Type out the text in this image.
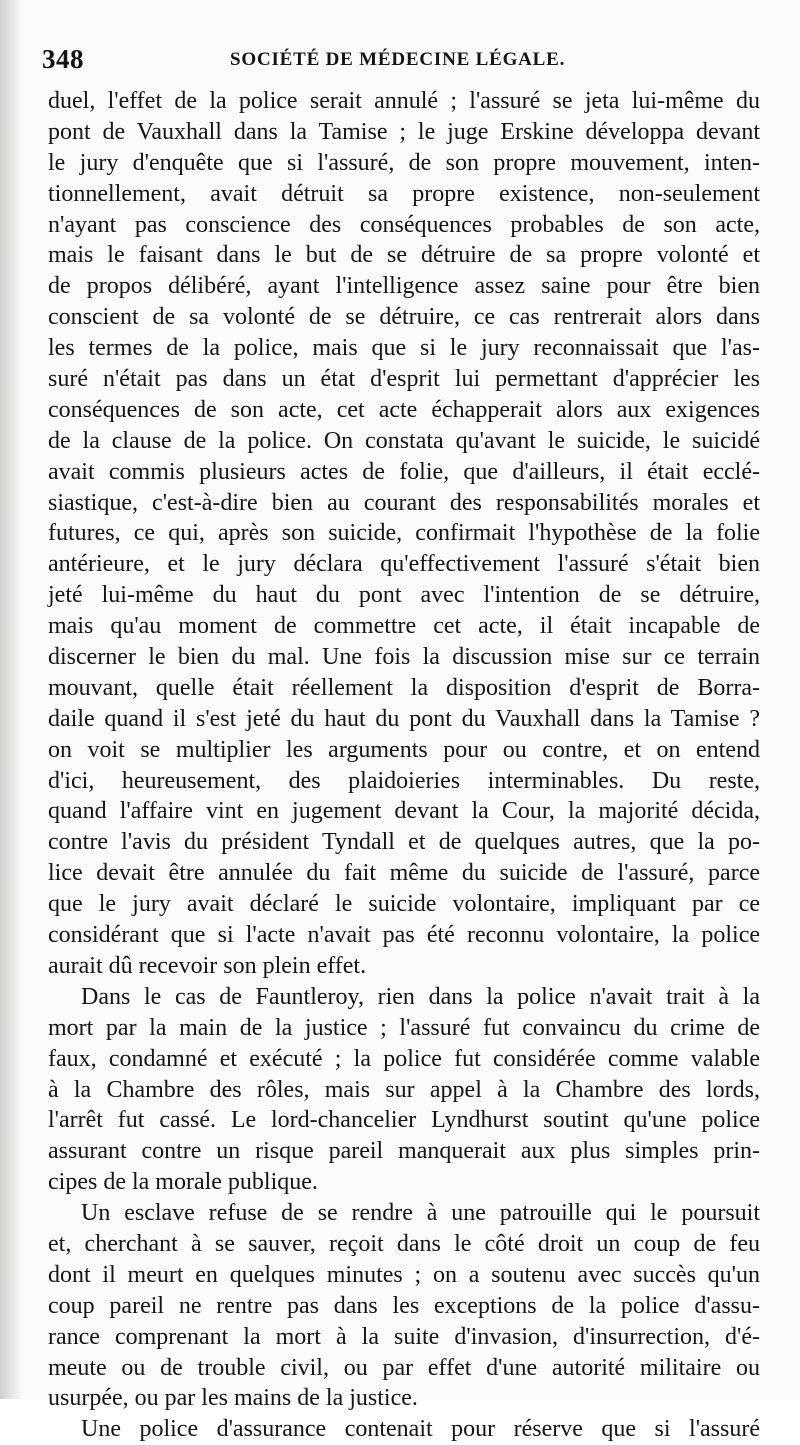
348	SOCIÉTÉ DE MÉDECINE LÉGALE.
duel, l'effet de la police serait annulé ; l'assuré se jeta lui-même du
pont de Vauxhall dans la Tamise ; le juge Erskine développa devant
le jury d'enquête que si l'assuré, de son propre mouvement, inten-
tionnellement, avait détruit sa propre existence, non-seulement
n'ayant pas conscience des conséquences probables de son acte,
mais le faisant dans le but de se détruire de sa propre volonté et
de propos délibéré, ayant l'intelligence assez saine pour être bien
conscient de sa volonté de se détruire, ce cas rentrerait alors dans
les termes de la police, mais que si le jury reconnaissait que l'as-
suré n'était pas dans un état d'esprit lui permettant d'apprécier les
conséquences de son acte, cet acte échapperait alors aux exigences
de la clause de la police. On constata qu'avant le suicide, le suicidé
avait commis plusieurs actes de folie, que d'ailleurs, il était ecclé-
siastique, c'est-à-dire bien au courant des responsabilités morales et
futures, ce qui, après son suicide, confirmait l'hypothèse de la folie
antérieure, et le jury déclara qu'effectivement l'assuré s'était bien
jeté lui-même du haut du pont avec l'intention de se détruire,
mais qu'au moment de commettre cet acte, il était incapable de
discerner le bien du mal. Une fois la discussion mise sur ce terrain
mouvant, quelle était réellement la disposition d'esprit de Borra-
daile quand il s'est jeté du haut du pont du Vauxhall dans la Tamise ?
on voit se multiplier les arguments pour ou contre, et on entend
d'ici, heureusement, des plaidoieries interminables. Du reste,
quand l'affaire vint en jugement devant la Cour, la majorité décida,
contre l'avis du président Tyndall et de quelques autres, que la po-
lice devait être annulée du fait même du suicide de l'assuré, parce
que le jury avait déclaré le suicide volontaire, impliquant par ce
considérant que si l'acte n'avait pas été reconnu volontaire, la police
aurait dû recevoir son plein effet.
Dans le cas de Fauntleroy, rien dans la police n'avait trait à la
mort par la main de la justice ; l'assuré fut convaincu du crime de
faux, condamné et exécuté ; la police fut considérée comme valable
à la Chambre des rôles, mais sur appel à la Chambre des lords,
l'arrêt fut cassé. Le lord-chancelier Lyndhurst soutint qu'une police
assurant contre un risque pareil manquerait aux plus simples prin-
cipes de la morale publique.
Un esclave refuse de se rendre à une patrouille qui le poursuit
et, cherchant à se sauver, reçoit dans le côté droit un coup de feu
dont il meurt en quelques minutes ; on a soutenu avec succès qu'un
coup pareil ne rentre pas dans les exceptions de la police d'assu-
rance comprenant la mort à la suite d'invasion, d'insurrection, d'é-
meute ou de trouble civil, ou par effet d'une autorité militaire ou
usurpée, ou par les mains de la justice.
Une police d'assurance contenait pour réserve que si l'assuré
